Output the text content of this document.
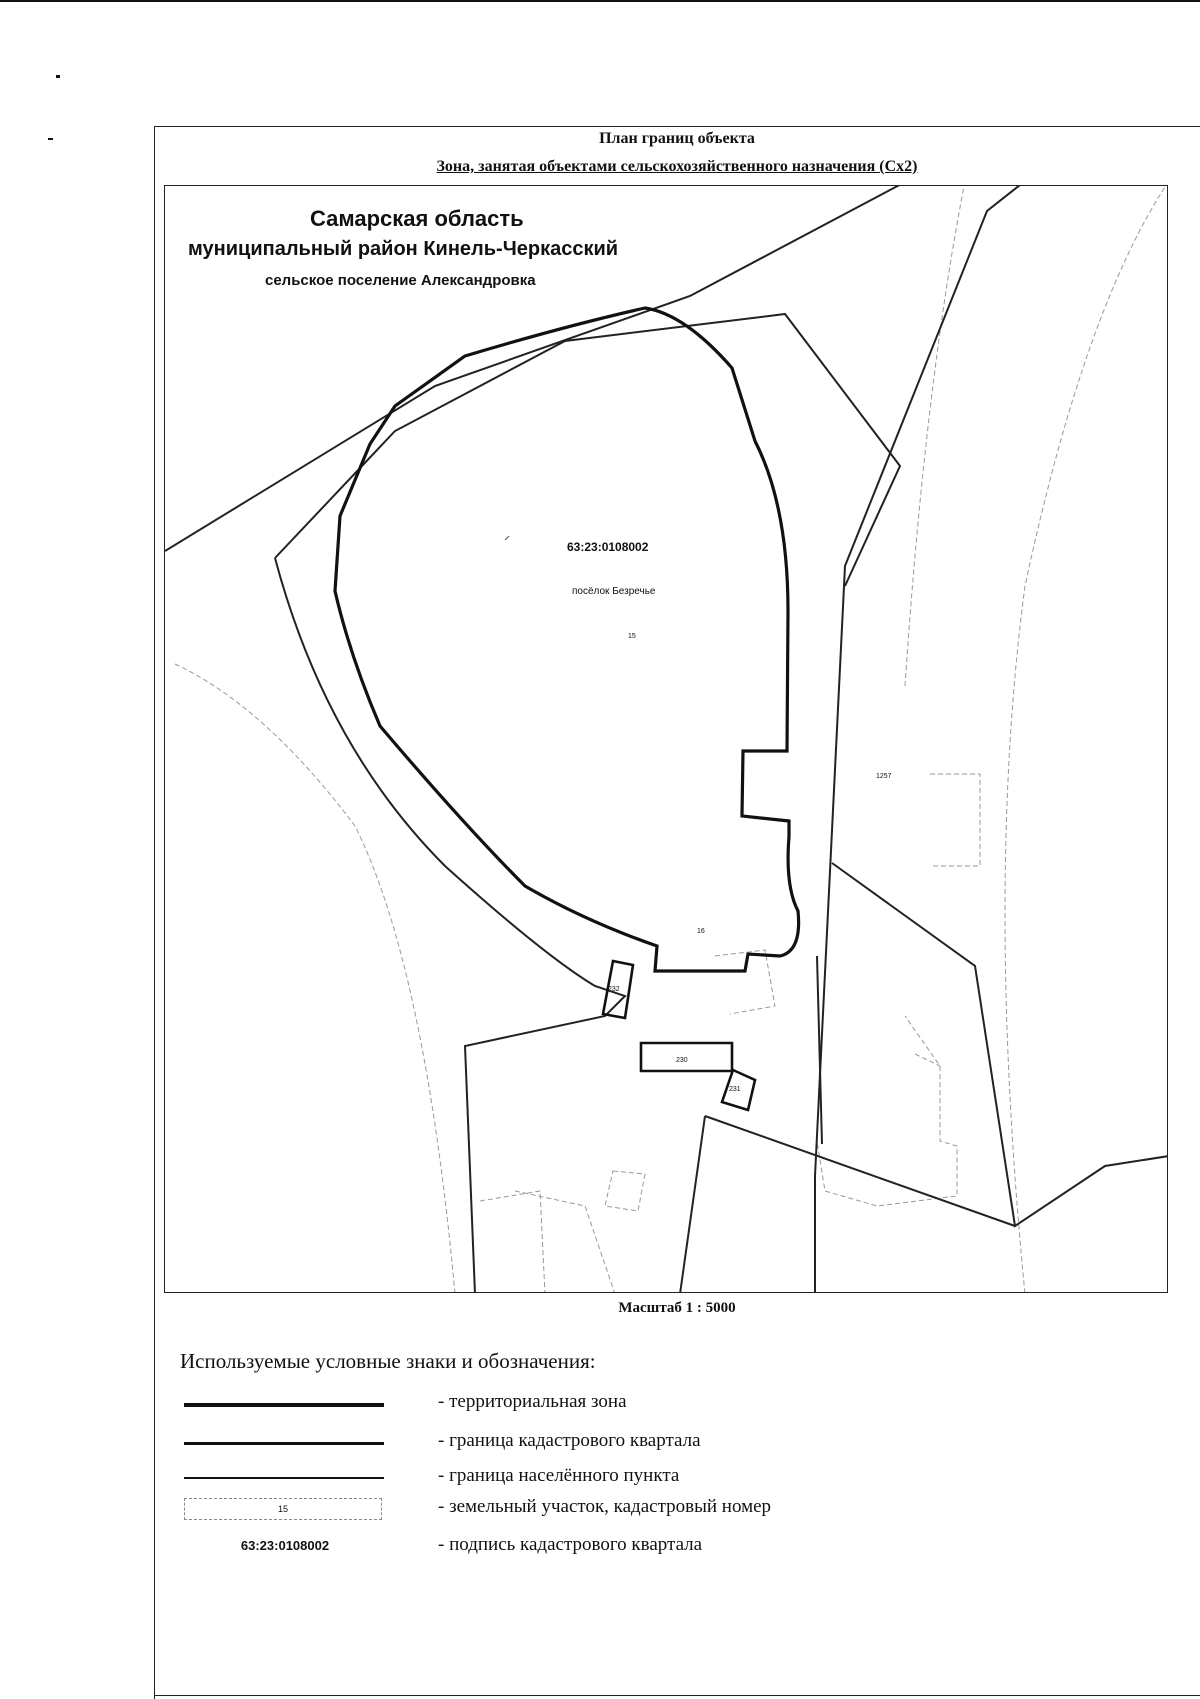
План границ объекта
Зона, занятая объектами сельскохозяйственного назначения (Сх2)
63:23:0108002
посёлок Безречье
15
16
230
231
232
1257
Самарская область
муниципальный район Кинель-Черкасский
сельское поселение Александровка
Масштаб 1 : 5000
Используемые условные знаки и обозначения:
- территориальная зона
- граница кадастрового квартала
- граница населённого пункта
15	- земельный участок, кадастровый номер
63:23:0108002	- подпись кадастрового квартала
